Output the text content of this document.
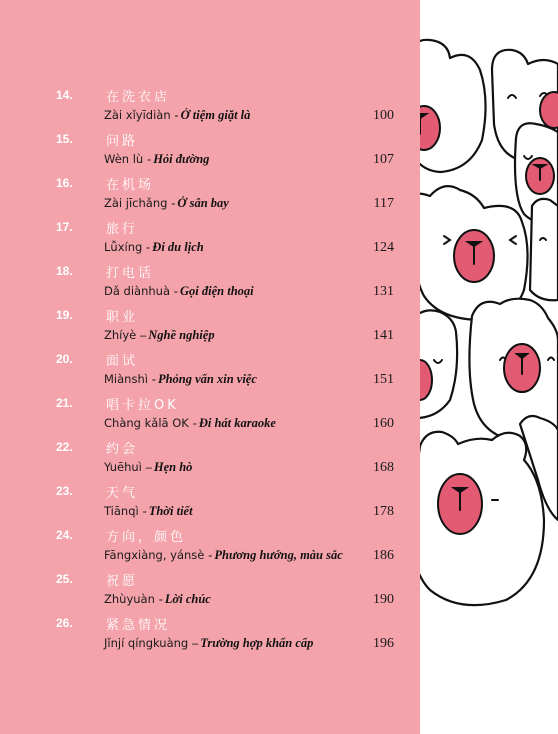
14.	在洗衣店
Zài xǐyīdiàn - Ở tiệm giặt là	100
15.	问路
Wèn lù - Hỏi đường	107
16.	在机场
Zài jīchǎng - Ở sân bay	117
17.	旅行
Lǚxíng - Đi du lịch	124
18.	打电话
Dǎ diànhuà - Gọi điện thoại	131
19.	职业
Zhíyè – Nghề nghiệp	141
20.	面试
Miànshì - Phỏng vấn xin việc	151
21.	唱卡拉OK
Chàng kǎlā OK - Đi hát karaoke	160
22.	约会
Yuēhuì – Hẹn hò	168
23.	天气
Tiānqì - Thời tiết	178
24.	方向，颜色
Fāngxiàng, yánsè - Phương hướng, màu sắc 186
25.	祝愿
Zhùyuàn - Lời chúc	190
26.	紧急情况
Jǐnjí qíngkuàng – Trường hợp khẩn cấp	196
